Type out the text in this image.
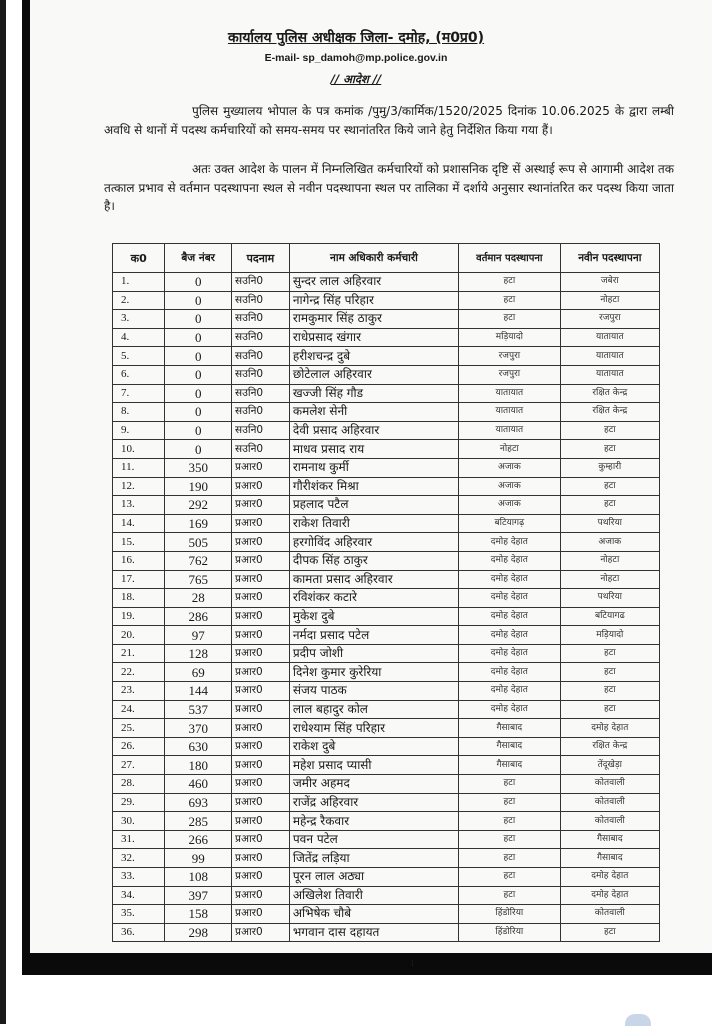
कार्यालय पुलिस अधीक्षक जिला- दमोह, (म0प्र0)
E-mail- sp_damoh@mp.police.gov.in
// आदेश //

पुलिस मुख्यालय भोपाल के पत्र कमांक /पुमु/3/कार्मिक/1520/2025 दिनांक 10.06.2025 के द्वारा लम्बी अवधि से थानों में पदस्थ कर्मचारियों को समय-समय पर स्थानांतरित किये जाने हेतु निर्देशित किया गया हैं।

अतः उक्त आदेश के पालन में निम्नलिखित कर्मचारियों को प्रशासनिक दृष्टि सें अस्थाई रूप से आगामी आदेश तक तत्काल प्रभाव से वर्तमान पदस्थापना स्थल से नवीन पदस्थापना स्थल पर तालिका में दर्शाये अनुसार स्थानांतरित कर पदस्थ किया जाता है।

क0	बैज नंबर	पदनाम	नाम अधिकारी कर्मचारी	वर्तमान पदस्थापना	नवीन पदस्थापना
1.	0	सउनि0	सुन्दर लाल अहिरवार	हटा	जबेरा
2.	0	सउनि0	नागेन्द्र सिंह परिहार	हटा	नोहटा
3.	0	सउनि0	रामकुमार सिंह ठाकुर	हटा	रजपुरा
4.	0	सउनि0	राधेप्रसाद खंगार	मड़ियादो	यातायात
5.	0	सउनि0	हरीशचन्द्र दुबे	रजपुरा	यातायात
6.	0	सउनि0	छोटेलाल अहिरवार	रजपुरा	यातायात
7.	0	सउनि0	खज्जी सिंह गौड	यातायात	रक्षित केन्द्र
8.	0	सउनि0	कमलेश सेनी	यातायात	रक्षित केन्द्र
9.	0	सउनि0	देवी प्रसाद अहिरवार	यातायात	हटा
10.	0	सउनि0	माधव प्रसाद राय	नोहटा	हटा
11.	350	प्रआर0	रामनाथ कुर्मी	अजाक	कुम्हारी
12.	190	प्रआर0	गौरीशंकर मिश्रा	अजाक	हटा
13.	292	प्रआर0	प्रहलाद पटैल	अजाक	हटा
14.	169	प्रआर0	राकेश तिवारी	बटियागढ़	पथरिया
15.	505	प्रआर0	हरगोविंद अहिरवार	दमोह देहात	अजाक
16.	762	प्रआर0	दीपक सिंह ठाकुर	दमोह देहात	नोहटा
17.	765	प्रआर0	कामता प्रसाद अहिरवार	दमोह देहात	नोहटा
18.	28	प्रआर0	रविशंकर कटारे	दमोह देहात	पथरिया
19.	286	प्रआर0	मुकेश दुबे	दमोह देहात	बटियागढ
20.	97	प्रआर0	नर्मदा प्रसाद पटेल	दमोह देहात	मड़ियादो
21.	128	प्रआर0	प्रदीप जोशी	दमोह देहात	हटा
22.	69	प्रआर0	दिनेश कुमार कुरेरिया	दमोह देहात	हटा
23.	144	प्रआर0	संजय पाठक	दमोह देहात	हटा
24.	537	प्रआर0	लाल बहादुर कोल	दमोह देहात	हटा
25.	370	प्रआर0	राधेश्याम सिंह परिहार	गैसाबाद	दमोह देहात
26.	630	प्रआर0	राकेश दुबे	गैसाबाद	रक्षित केन्द्र
27.	180	प्रआर0	महेश प्रसाद प्यासी	गैसाबाद	तेंदूखेड़ा
28.	460	प्रआर0	जमीर अहमद	हटा	कोतवाली
29.	693	प्रआर0	राजेंद्र अहिरवार	हटा	कोतवाली
30.	285	प्रआर0	महेन्द्र रैकवार	हटा	कोतवाली
31.	266	प्रआर0	पवन पटेल	हटा	गैसाबाद
32.	99	प्रआर0	जितेंद्र लड़िया	हटा	गैसाबाद
33.	108	प्रआर0	पूरन लाल अठ्या	हटा	दमोह देहात
34.	397	प्रआर0	अखिलेश तिवारी	हटा	दमोह देहात
35.	158	प्रआर0	अभिषेक चौबे	हिंडोरिया	कोतवाली
36.	298	प्रआर0	भगवान दास दहायत	हिंडोरिया	हटा
1
